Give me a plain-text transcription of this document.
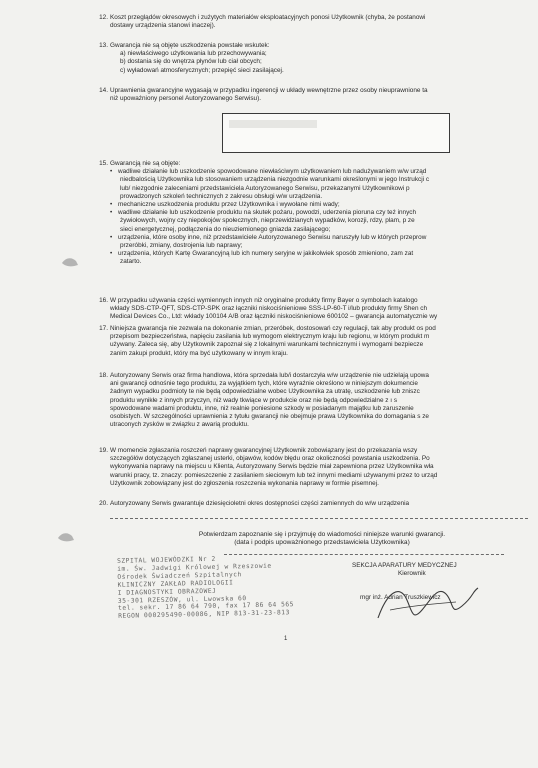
12. Koszt przeglądów okresowych i zużytych materiałów eksploatacyjnych ponosi Użytkownik (chyba, że postanowi
dostawy urządzenia stanowi inaczej).
13. Gwarancja nie są objęte uszkodzenia powstałe wskutek:
a) niewłaściwego użytkowania lub przechowywania;
b) dostania się do wnętrza płynów lub ciał obcych;
c) wyładowań atmosferycznych; przepięć sieci zasilającej.
14. Uprawnienia gwarancyjne wygasają w przypadku ingerencji w układy wewnętrzne przez osoby nieuprawnione ta
niż upoważniony personel Autoryzowanego Serwisu).
15. Gwarancją nie są objęte:
• wadliwe działanie lub uszkodzenie spowodowane niewłaściwym użytkowaniem lub nadużywaniem w/w urząd
niedbalością Użytkownika lub stosowaniem urządzenia niezgodnie warunkami określonymi w jego Instrukcji c
lub/ niezgodnie zaleceniami przedstawiciela Autoryzowanego Serwisu, przekazanymi Użytkownikowi p
prowadzonych szkoleń technicznych z zakresu obsługi w/w urządzenia.
• mechaniczne uszkodzenia produktu przez Użytkownika i wywołane nimi wady;
• wadliwe działanie lub uszkodzenie produktu na skutek pożaru, powodzi, uderzenia pioruna czy też innych
żywiołowych, wojny czy niepokojów społecznych, nieprzewidzianych wypadków, korozji, rdzy, plam, p ze
sieci energetycznej, podłączenia do nieuziemionego gniazda zasilającego;
• urządzenia, które osoby inne, niż przedstawiciele Autoryzowanego Serwisu naruszyły lub w których przeprow
przeróbki, zmiany, dostrojenia lub naprawy;
• urządzenia, których Kartę Gwarancyjną lub ich numery seryjne w jakikolwiek sposób zmieniono, zam zat
zatarto.
16. W przypadku używania części wymiennych innych niż oryginalne produkty firmy Bayer o symbolach katalogo
wkłady SDS-CTP-QFT, SDS-CTP-SPK oraz łączniki niskociśnieniowe SSS-LP-60-T i/lub produkty firmy Shen ch
Medical Devices Co., Ltd: wkłady 100104 A/B oraz łączniki niskociśnieniowe 600102 – gwarancja automatycznie wy
17. Niniejsza gwarancja nie zezwala na dokonanie zmian, przeróbek, dostosowań czy regulacji, tak aby produkt os pod
przepisom bezpieczeństwa, napięciu zasilania lub wymogom elektrycznym kraju lub regionu, w którym produkt m
używany. Zaleca się, aby Użytkownik zapoznał się z lokalnymi warunkami technicznymi i wymogami bezpiecze
zanim zakupi produkt, który ma być użytkowany w innym kraju.
18. Autoryzowany Serwis oraz firma handlowa, która sprzedała lub/i dostarczyła w/w urządzenie nie udzielają upowa
ani gwarancji odnośnie tego produktu, za wyjątkiem tych, które wyraźnie określono w niniejszym dokumencie
żadnym wypadku podmioty te nie będą odpowiedzialne wobec Użytkownika za utratę, uszkodzenie lub zniszc
produktu wynikłe z innych przyczyn, niż wady tkwiące w produkcie oraz nie będą odpowiedzialne z ı s
spowodowane wadami produktu, inne, niż realnie poniesione szkody w posiadanym majątku lub zaruszenie
osobistych. W szczególności uprawnienia z tytułu gwarancji nie obejmuje prawa Użytkownika do domagania s ze
utraconych zysków w związku z awarią produktu.
19. W momencie zgłaszania roszczeń naprawy gwarancyjnej Użytkownik zobowiązany jest do przekazania wszy
szczegółów dotyczących zgłaszanej usterki, objawów, kodów błędu oraz okoliczności powstania uszkodzenia. Po
wykonywania naprawy na miejscu u Klienta, Autoryzowany Serwis będzie miał zapewniona przez Użytkownika wła
warunki pracy, tz. znaczy: pomieszczenie z zasilaniem sieciowym lub też innymi mediami używanymi przez to urząd
Użytkownik zobowiązany jest do zgłoszenia roszczenia wykonania naprawy w formie pisemnej.
20. Autoryzowany Serwis gwarantuje dziesięcioletni okres dostępności części zamiennych do w/w urządzenia
Potwierdzam zapoznanie się i przyjmuję do wiadomości niniejsze warunki gwarancji.
(data i podpis upoważnionego przedstawiciela Użytkownika)
SZPITAL WOJEWÓDZKI Nr 2
im. Św. Jadwigi Królowej w Rzeszowie
Ośrodek Świadczeń Szpitalnych
KLINICZNY ZAKŁAD RADIOLOGII
I DIAGNOSTYKI OBRAZOWEJ
35-301 RZESZÓW, ul. Lwowska 60
tel. sekr. 17 86 64 790, fax 17 86 64 565
REGON 000295490-00086, NIP 813-31-23-813
SEKCJA APARATURY MEDYCZNEJ
Kierownik
mgr inż. Adrian Truszkiewicz
1
